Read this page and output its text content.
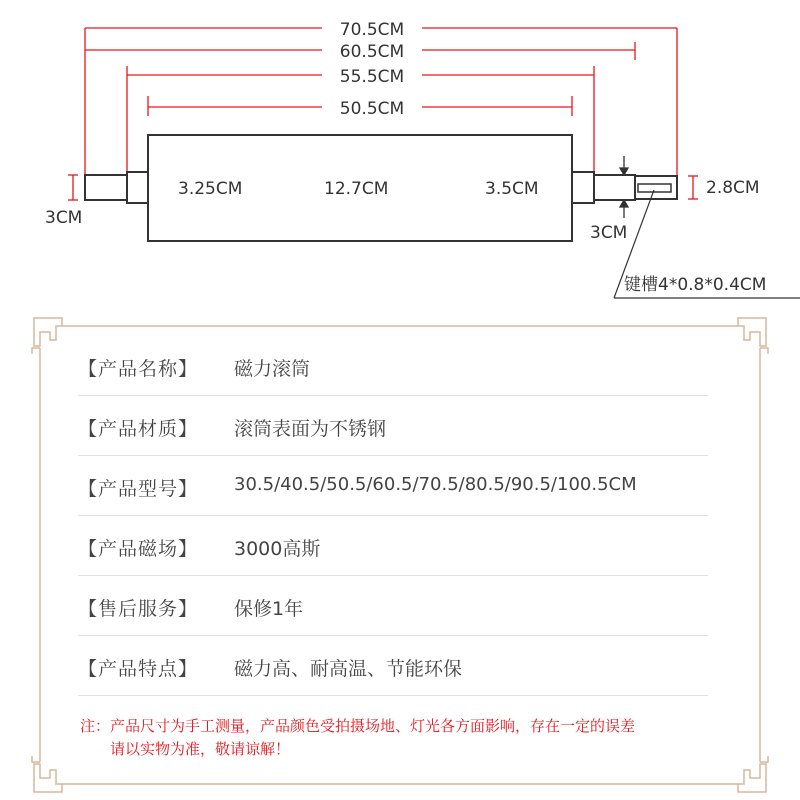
70.5CM
60.5CM
55.5CM
50.5CM
3CM
3.25CM	12.7CM	3.5CM
3CM
2.8CM
键槽4*0.8*0.4CM
【产品名称】 磁力滚筒
【产品材质】 滚筒表面为不锈钢
【产品型号】 30.5/40.5/50.5/60.5/70.5/80.5/90.5/100.5CM
【产品磁场】 3000高斯
【售后服务】 保修1年
【产品特点】 磁力高、耐高温、节能环保
注：产品尺寸为手工测量，产品颜色受拍摄场地、灯光各方面影响，存在一定的误差
请以实物为准，敬请谅解！
